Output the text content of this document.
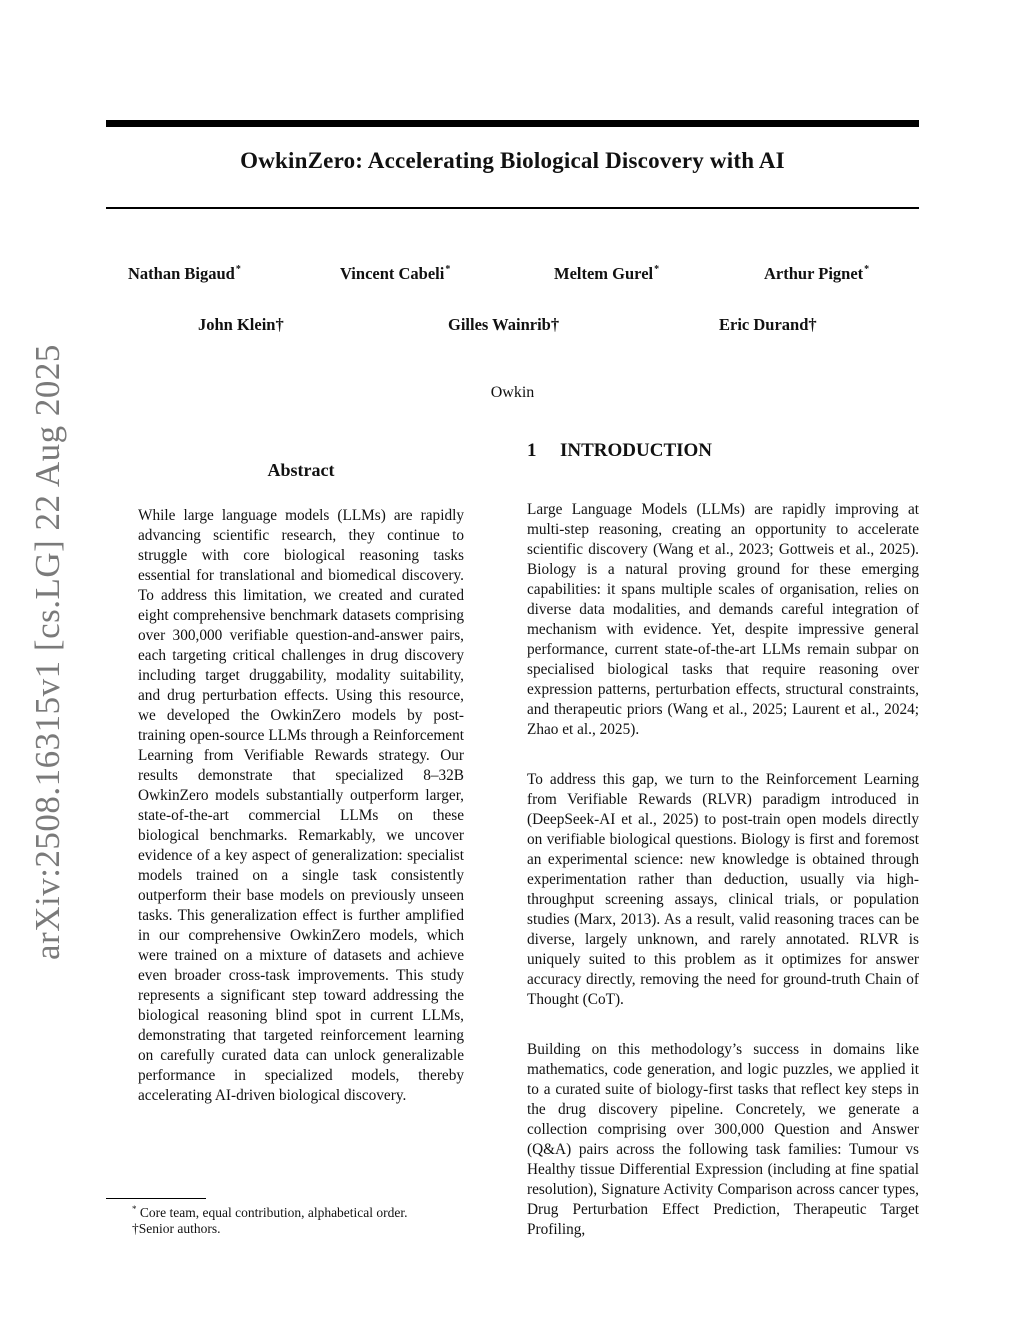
OwkinZero: Accelerating Biological Discovery with AI
Nathan Bigaud*	Vincent Cabeli*	Meltem Gurel*	Arthur Pignet*
John Klein†	Gilles Wainrib†	Eric Durand†
Owkin
arXiv:2508.16315v1 [cs.LG] 22 Aug 2025	Abstract
While large language models (LLMs) are rapidly advancing scientific research, they continue to struggle with core biological reasoning tasks essential for translational and biomedical discovery. To address this limitation, we created and curated eight comprehensive benchmark datasets comprising over 300,000 verifiable question-and-answer pairs, each targeting critical challenges in drug discovery including target druggability, modality suitability, and drug perturbation effects. Using this resource, we developed the OwkinZero models by post-training open-source LLMs through a Reinforcement Learning from Verifiable Rewards strategy. Our results demonstrate that specialized 8–32B OwkinZero models substantially outperform larger, state-of-the-art commercial LLMs on these biological benchmarks. Remarkably, we uncover evidence of a key aspect of generalization: specialist models trained on a single task consistently outperform their base models on previously unseen tasks. This generalization effect is further amplified in our comprehensive OwkinZero models, which were trained on a mixture of datasets and achieve even broader cross-task improvements. This study represents a significant step toward addressing the biological reasoning blind spot in current LLMs, demonstrating that targeted reinforcement learning on carefully curated data can unlock generalizable performance in specialized models, thereby accelerating AI-driven biological discovery.
* Core team, equal contribution, alphabetical order.
†Senior authors.
1 INTRODUCTION

Large Language Models (LLMs) are rapidly improving at multi-step reasoning, creating an opportunity to accelerate scientific discovery (Wang et al., 2023; Gottweis et al., 2025). Biology is a natural proving ground for these emerging capabilities: it spans multiple scales of organisation, relies on diverse data modalities, and demands careful integration of mechanism with evidence. Yet, despite impressive general performance, current state-of-the-art LLMs remain subpar on specialised biological tasks that require reasoning over expression patterns, perturbation effects, structural constraints, and therapeutic priors (Wang et al., 2025; Laurent et al., 2024; Zhao et al., 2025).

To address this gap, we turn to the Reinforcement Learning from Verifiable Rewards (RLVR) paradigm introduced in (DeepSeek-AI et al., 2025) to post-train open models directly on verifiable biological questions. Biology is first and foremost an experimental science: new knowledge is obtained through experimentation rather than deduction, usually via high-throughput screening assays, clinical trials, or population studies (Marx, 2013). As a result, valid reasoning traces can be diverse, largely unknown, and rarely annotated. RLVR is uniquely suited to this problem as it optimizes for answer accuracy directly, removing the need for ground-truth Chain of Thought (CoT).

Building on this methodology’s success in domains like mathematics, code generation, and logic puzzles, we applied it to a curated suite of biology-first tasks that reflect key steps in the drug discovery pipeline. Concretely, we generate a collection comprising over 300,000 Question and Answer (Q&A) pairs across the following task families: Tumour vs Healthy tissue Differential Expression (including at fine spatial resolution), Signature Activity Comparison across cancer types, Drug Perturbation Effect Prediction, Therapeutic Target Profiling,
